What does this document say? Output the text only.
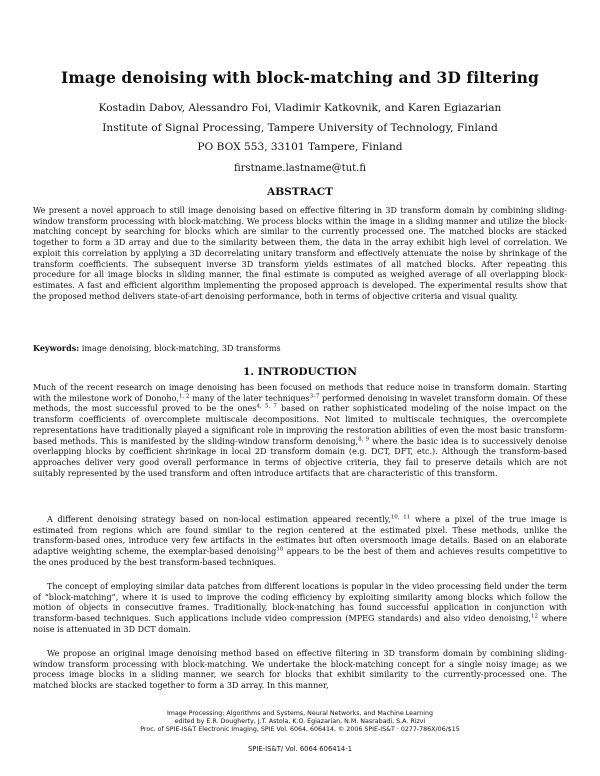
Image denoising with block-matching and 3D filtering
Kostadin Dabov, Alessandro Foi, Vladimir Katkovnik, and Karen Egiazarian
Institute of Signal Processing, Tampere University of Technology, Finland
PO BOX 553, 33101 Tampere, Finland
firstname.lastname@tut.fi
ABSTRACT

We present a novel approach to still image denoising based on effective filtering in 3D transform domain by combining sliding-window transform processing with block-matching. We process blocks within the image in a sliding manner and utilize the block-matching concept by searching for blocks which are similar to the currently processed one. The matched blocks are stacked together to form a 3D array and due to the similarity between them, the data in the array exhibit high level of correlation. We exploit this correlation by applying a 3D decorrelating unitary transform and effectively attenuate the noise by shrinkage of the transform coefficients. The subsequent inverse 3D transform yields estimates of all matched blocks. After repeating this procedure for all image blocks in sliding manner, the final estimate is computed as weighed average of all overlapping block-estimates. A fast and efficient algorithm implementing the proposed approach is developed. The experimental results show that the proposed method delivers state-of-art denoising performance, both in terms of objective criteria and visual quality.

Keywords: image denoising, block-matching, 3D transforms

1. INTRODUCTION

Much of the recent research on image denoising has been focused on methods that reduce noise in transform domain. Starting with the milestone work of Donoho,$^{1, 2}$ many of the later techniques$^{3-7}$ performed denoising in wavelet transform domain. Of these methods, the most successful proved to be the ones$^{4, 5, 7}$ based on rather sophisticated modeling of the noise impact on the transform coefficients of overcomplete multiscale decompositions. Not limited to multiscale techniques, the overcomplete representations have traditionally played a significant role in improving the restoration abilities of even the most basic transform-based methods. This is manifested by the sliding-window transform denoising,$^{8, 9}$ where the basic idea is to successively denoise overlapping blocks by coefficient shrinkage in local 2D transform domain (e.g. DCT, DFT, etc.). Although the transform-based approaches deliver very good overall performance in terms of objective criteria, they fail to preserve details which are not suitably represented by the used transform and often introduce artifacts that are characteristic of this transform.

A different denoising strategy based on non-local estimation appeared recently,$^{10, 11}$ where a pixel of the true image is estimated from regions which are found similar to the region centered at the estimated pixel. These methods, unlike the transform-based ones, introduce very few artifacts in the estimates but often oversmooth image details. Based on an elaborate adaptive weighting scheme, the exemplar-based denoising$^{10}$ appears to be the best of them and achieves results competitive to the ones produced by the best transform-based techniques.

The concept of employing similar data patches from different locations is popular in the video processing field under the term of “block-matching”, where it is used to improve the coding efficiency by exploiting similarity among blocks which follow the motion of objects in consecutive frames. Traditionally, block-matching has found successful application in conjunction with transform-based techniques. Such applications include video compression (MPEG standards) and also video denoising,$^{12}$ where noise is attenuated in 3D DCT domain.

We propose an original image denoising method based on effective filtering in 3D transform domain by combining sliding-window transform processing with block-matching. We undertake the block-matching concept for a single noisy image; as we process image blocks in a sliding manner, we search for blocks that exhibit similarity to the currently-processed one. The matched blocks are stacked together to form a 3D array. In this manner,

Image Processing: Algorithms and Systems, Neural Networks, and Machine Learning
edited by E.R. Dougherty, J.T. Astola, K.O. Egiazarian, N.M. Nasrabadi, S.A. Rizvi
Proc. of SPIE-IS&T Electronic Imaging, SPIE Vol. 6064, 606414, © 2006 SPIE-IS&T · 0277-786X/06/$15
SPIE-IS&T/ Vol. 6064 606414-1
